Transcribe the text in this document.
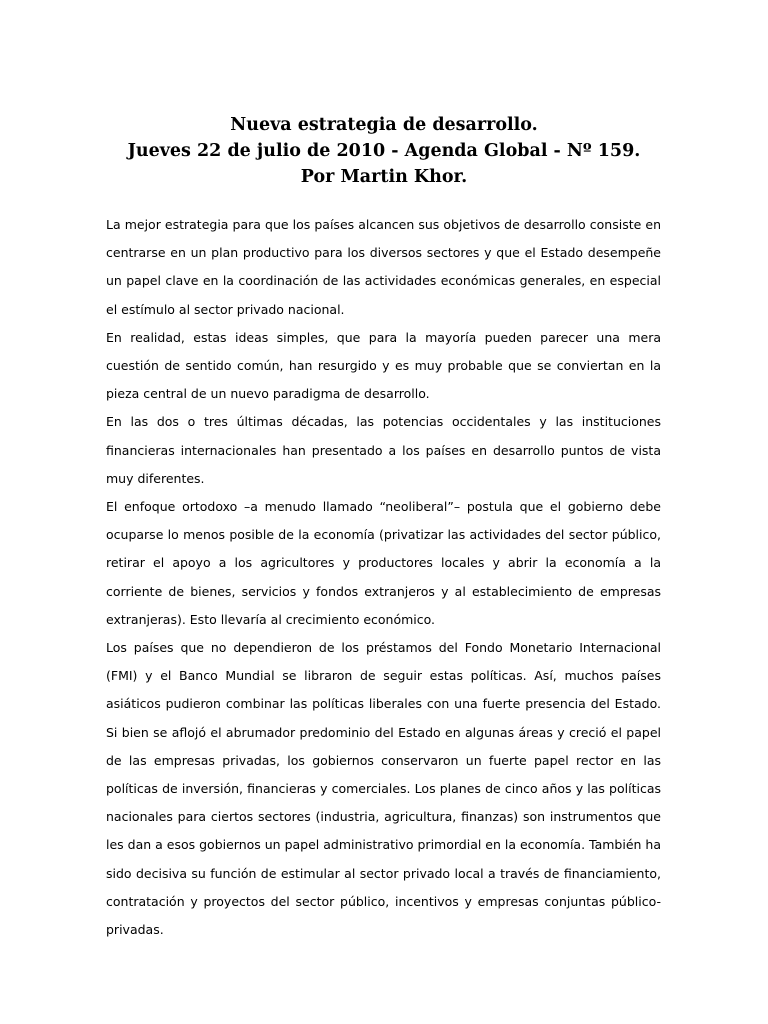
Nueva estrategia de desarrollo.
Jueves 22 de julio de 2010 - Agenda Global - Nº 159.
Por Martin Khor.

La mejor estrategia para que los países alcancen sus objetivos de desarrollo consiste en centrarse en un plan productivo para los diversos sectores y que el Estado desempeñe un papel clave en la coordinación de las actividades económicas generales, en especial el estímulo al sector privado nacional.

En realidad, estas ideas simples, que para la mayoría pueden parecer una mera cuestión de sentido común, han resurgido y es muy probable que se conviertan en la pieza central de un nuevo paradigma de desarrollo.

En las dos o tres últimas décadas, las potencias occidentales y las instituciones financieras internacionales han presentado a los países en desarrollo puntos de vista muy diferentes.

El enfoque ortodoxo –a menudo llamado “neoliberal”– postula que el gobierno debe ocuparse lo menos posible de la economía (privatizar las actividades del sector público, retirar el apoyo a los agricultores y productores locales y abrir la economía a la corriente de bienes, servicios y fondos extranjeros y al establecimiento de empresas extranjeras). Esto llevaría al crecimiento económico.

Los países que no dependieron de los préstamos del Fondo Monetario Internacional (FMI) y el Banco Mundial se libraron de seguir estas políticas. Así, muchos países asiáticos pudieron combinar las políticas liberales con una fuerte presencia del Estado. Si bien se aflojó el abrumador predominio del Estado en algunas áreas y creció el papel de las empresas privadas, los gobiernos conservaron un fuerte papel rector en las políticas de inversión, financieras y comerciales. Los planes de cinco años y las políticas nacionales para ciertos sectores (industria, agricultura, finanzas) son instrumentos que les dan a esos gobiernos un papel administrativo primordial en la economía. También ha sido decisiva su función de estimular al sector privado local a través de financiamiento, contratación y proyectos del sector público, incentivos y empresas conjuntas público-privadas.
